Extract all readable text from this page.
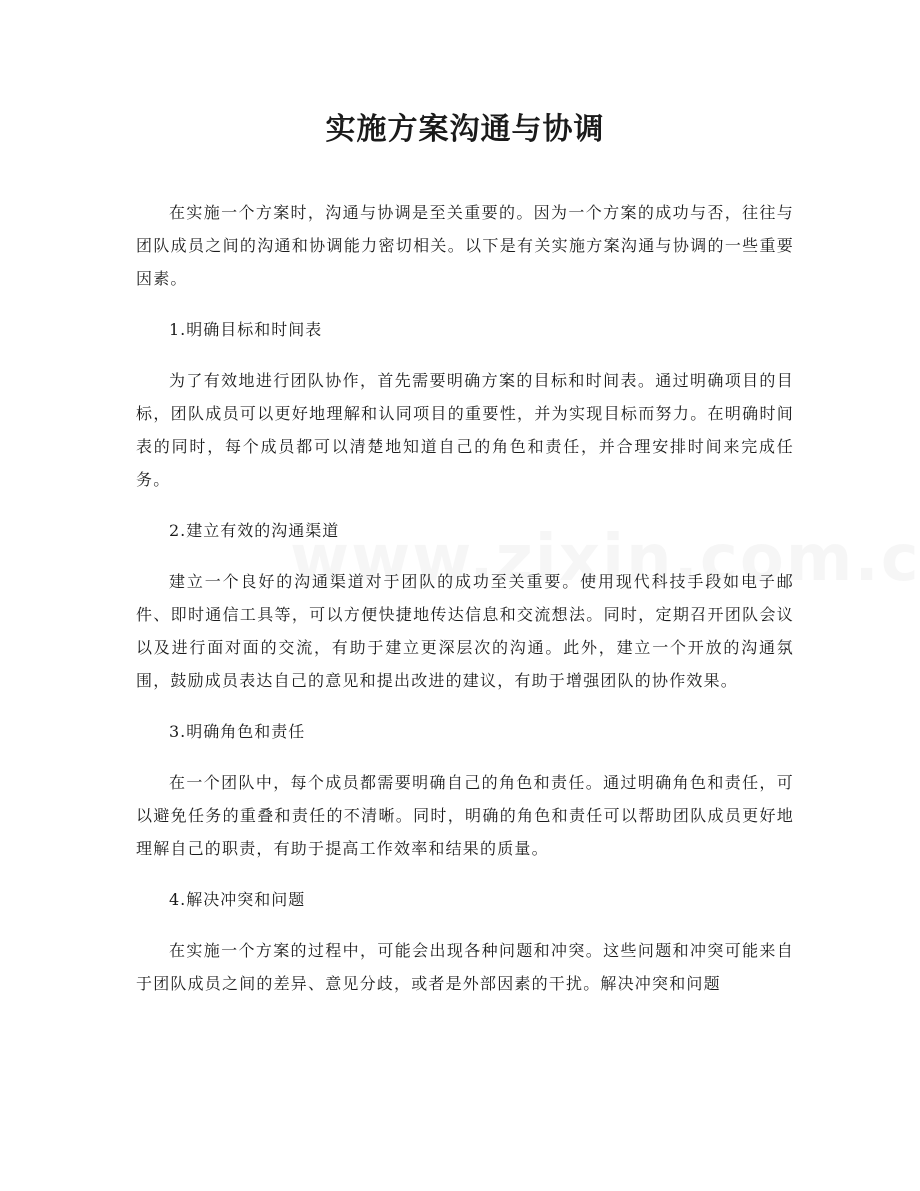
实施方案沟通与协调

在实施一个方案时，沟通与协调是至关重要的。因为一个方案的成功与否，往往与团队成员之间的沟通和协调能力密切相关。以下是有关实施方案沟通与协调的一些重要因素。

1.明确目标和时间表

为了有效地进行团队协作，首先需要明确方案的目标和时间表。通过明确项目的目标，团队成员可以更好地理解和认同项目的重要性，并为实现目标而努力。在明确时间表的同时，每个成员都可以清楚地知道自己的角色和责任，并合理安排时间来完成任务。

2.建立有效的沟通渠道

建立一个良好的沟通渠道对于团队的成功至关重要。使用现代科技手段如电子邮件、即时通信工具等，可以方便快捷地传达信息和交流想法。同时，定期召开团队会议以及进行面对面的交流，有助于建立更深层次的沟通。此外，建立一个开放的沟通氛围，鼓励成员表达自己的意见和提出改进的建议，有助于增强团队的协作效果。

3.明确角色和责任

在一个团队中，每个成员都需要明确自己的角色和责任。通过明确角色和责任，可以避免任务的重叠和责任的不清晰。同时，明确的角色和责任可以帮助团队成员更好地理解自己的职责，有助于提高工作效率和结果的质量。

4.解决冲突和问题

在实施一个方案的过程中，可能会出现各种问题和冲突。这些问题和冲突可能来自于团队成员之间的差异、意见分歧，或者是外部因素的干扰。解决冲突和问题
